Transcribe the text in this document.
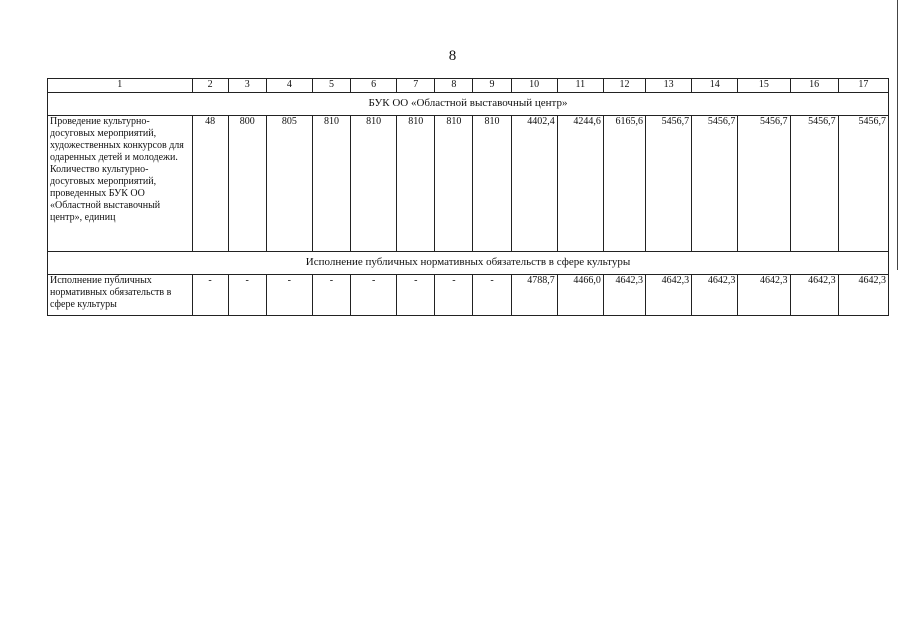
8
1	2	3	4	5	6	7	8	9	10	11	12	13	14	15	16	17
БУК ОО «Областной выставочный центр»																
Проведение культурно-досуговых мероприятий, художественных конкурсов для одаренных детей и молодежи. Количество культурно-досуговых мероприятий, проведенных БУК ОО «Областной выставочный центр», единиц	48	800	805	810	810	810	810	810	4402,4	4244,6	6165,6	5456,7	5456,7	5456,7	5456,7	5456,7
Исполнение публичных нормативных обязательств в сфере культуры																
Исполнение публичных нормативных обязательств в сфере культуры	-	-	-	-	-	-	-	-	4788,7	4466,0	4642,3	4642,3	4642,3	4642,3	4642,3	4642,3
